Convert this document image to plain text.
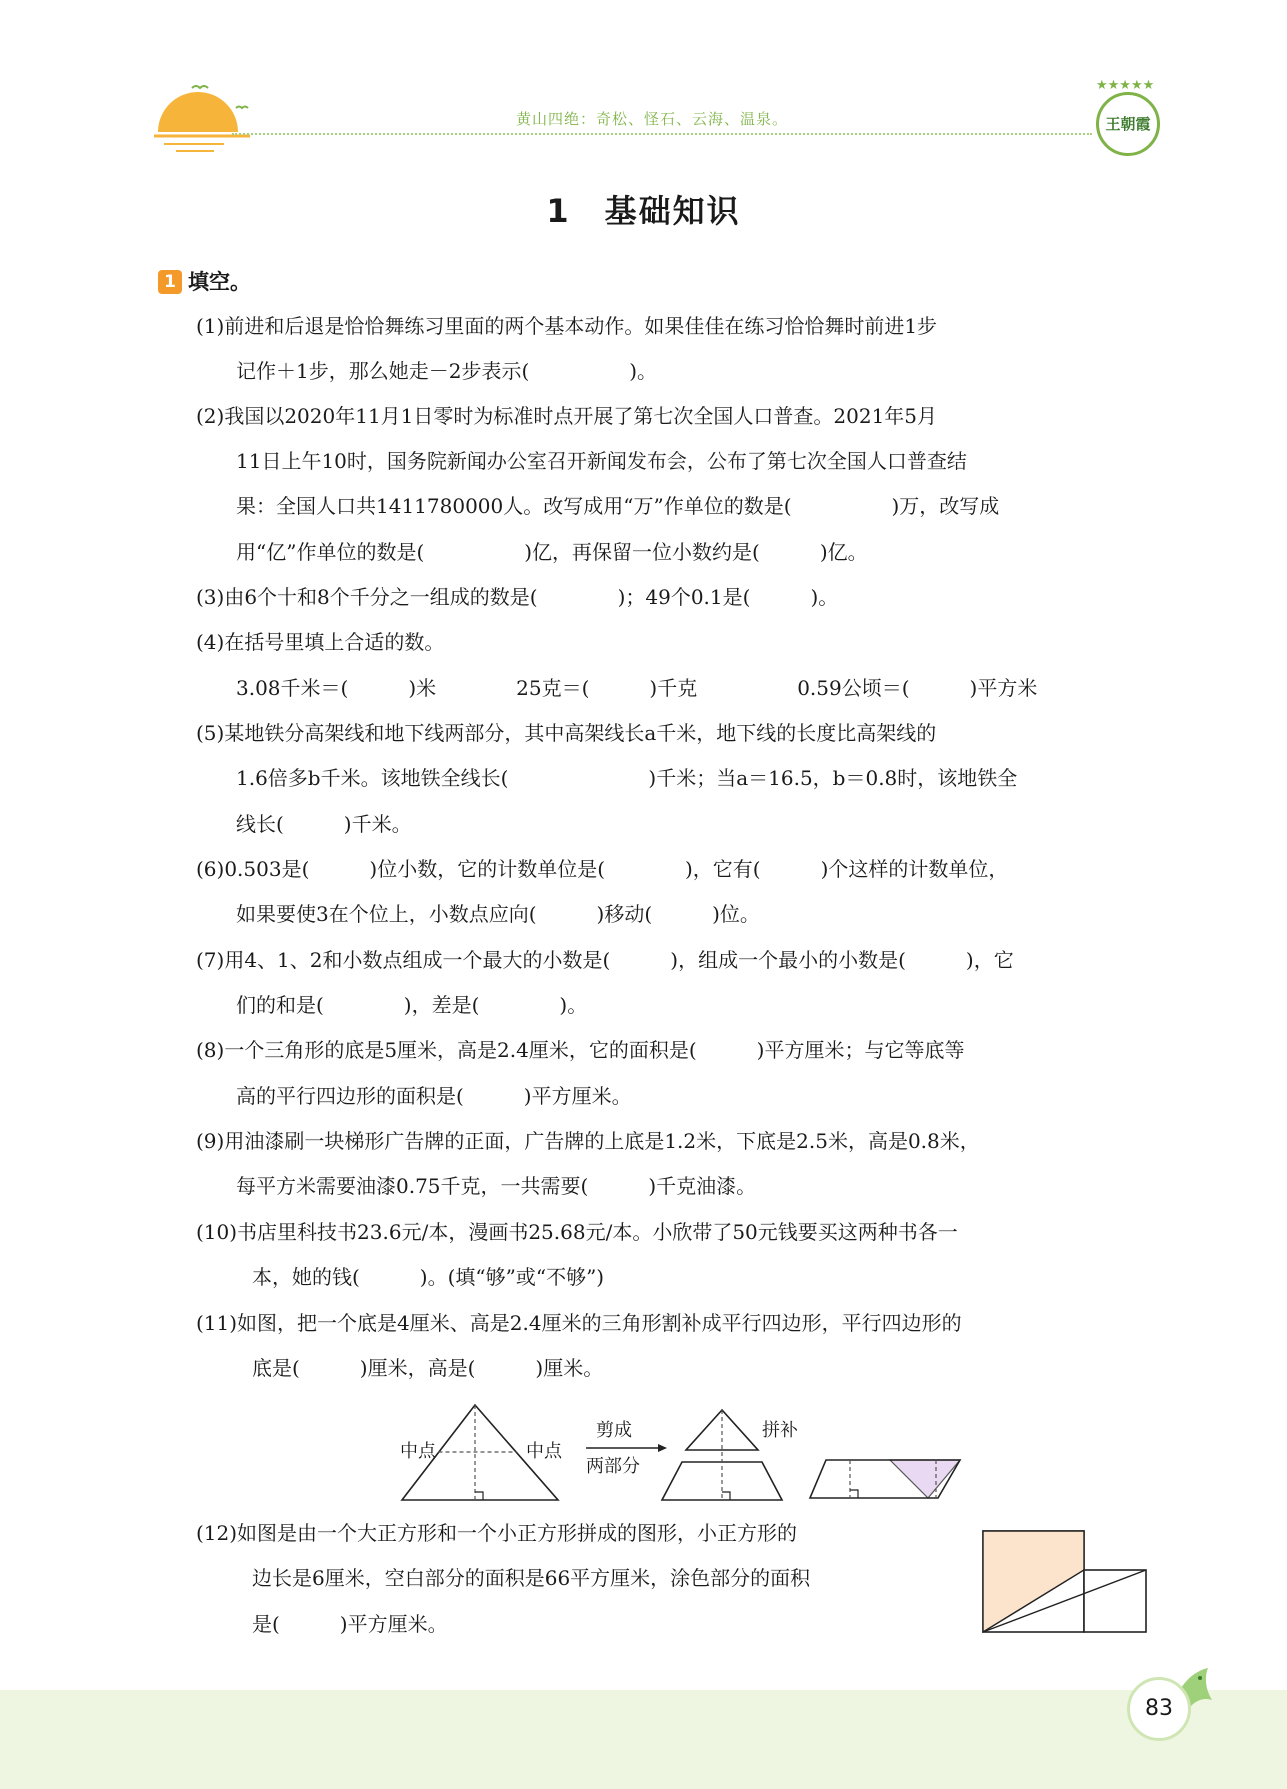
黄山四绝：奇松、怪石、云海、温泉。
★★★★★
王朝霞
1　基础知识
1 填空。
(1)前进和后退是恰恰舞练习里面的两个基本动作。如果佳佳在练习恰恰舞时前进1步
记作＋1步，那么她走－2步表示(　　　　　)。
(2)我国以2020年11月1日零时为标准时点开展了第七次全国人口普查。2021年5月
11日上午10时，国务院新闻办公室召开新闻发布会，公布了第七次全国人口普查结
果：全国人口共1411780000人。改写成用“万”作单位的数是(　　　　　)万，改写成
用“亿”作单位的数是(　　　　　)亿，再保留一位小数约是(　　　)亿。
(3)由6个十和8个千分之一组成的数是(　　　　)；49个0.1是(　　　)。
(4)在括号里填上合适的数。
3.08千米＝(　　　)米　　　　25克＝(　　　)千克　　　　　0.59公顷＝(　　　)平方米
(5)某地铁分高架线和地下线两部分，其中高架线长a千米，地下线的长度比高架线的
1.6倍多b千米。该地铁全线长(　　　　　　　)千米；当a＝16.5，b＝0.8时，该地铁全
线长(　　　)千米。
(6)0.503是(　　　)位小数，它的计数单位是(　　　　)，它有(　　　)个这样的计数单位，
如果要使3在个位上，小数点应向(　　　)移动(　　　)位。
(7)用4、1、2和小数点组成一个最大的小数是(　　　)，组成一个最小的小数是(　　　)，它
们的和是(　　　　)，差是(　　　　)。
(8)一个三角形的底是5厘米，高是2.4厘米，它的面积是(　　　)平方厘米；与它等底等
高的平行四边形的面积是(　　　)平方厘米。
(9)用油漆刷一块梯形广告牌的正面，广告牌的上底是1.2米，下底是2.5米，高是0.8米，
每平方米需要油漆0.75千克，一共需要(　　　)千克油漆。
(10)书店里科技书23.6元/本，漫画书25.68元/本。小欣带了50元钱要买这两种书各一
本，她的钱(　　　)。(填“够”或“不够”)
(11)如图，把一个底是4厘米、高是2.4厘米的三角形割补成平行四边形，平行四边形的
底是(　　　)厘米，高是(　　　)厘米。
中点	中点
剪成
两部分
拼补
(12)如图是由一个大正方形和一个小正方形拼成的图形，小正方形的
边长是6厘米，空白部分的面积是66平方厘米，涂色部分的面积
是(　　　)平方厘米。
83
